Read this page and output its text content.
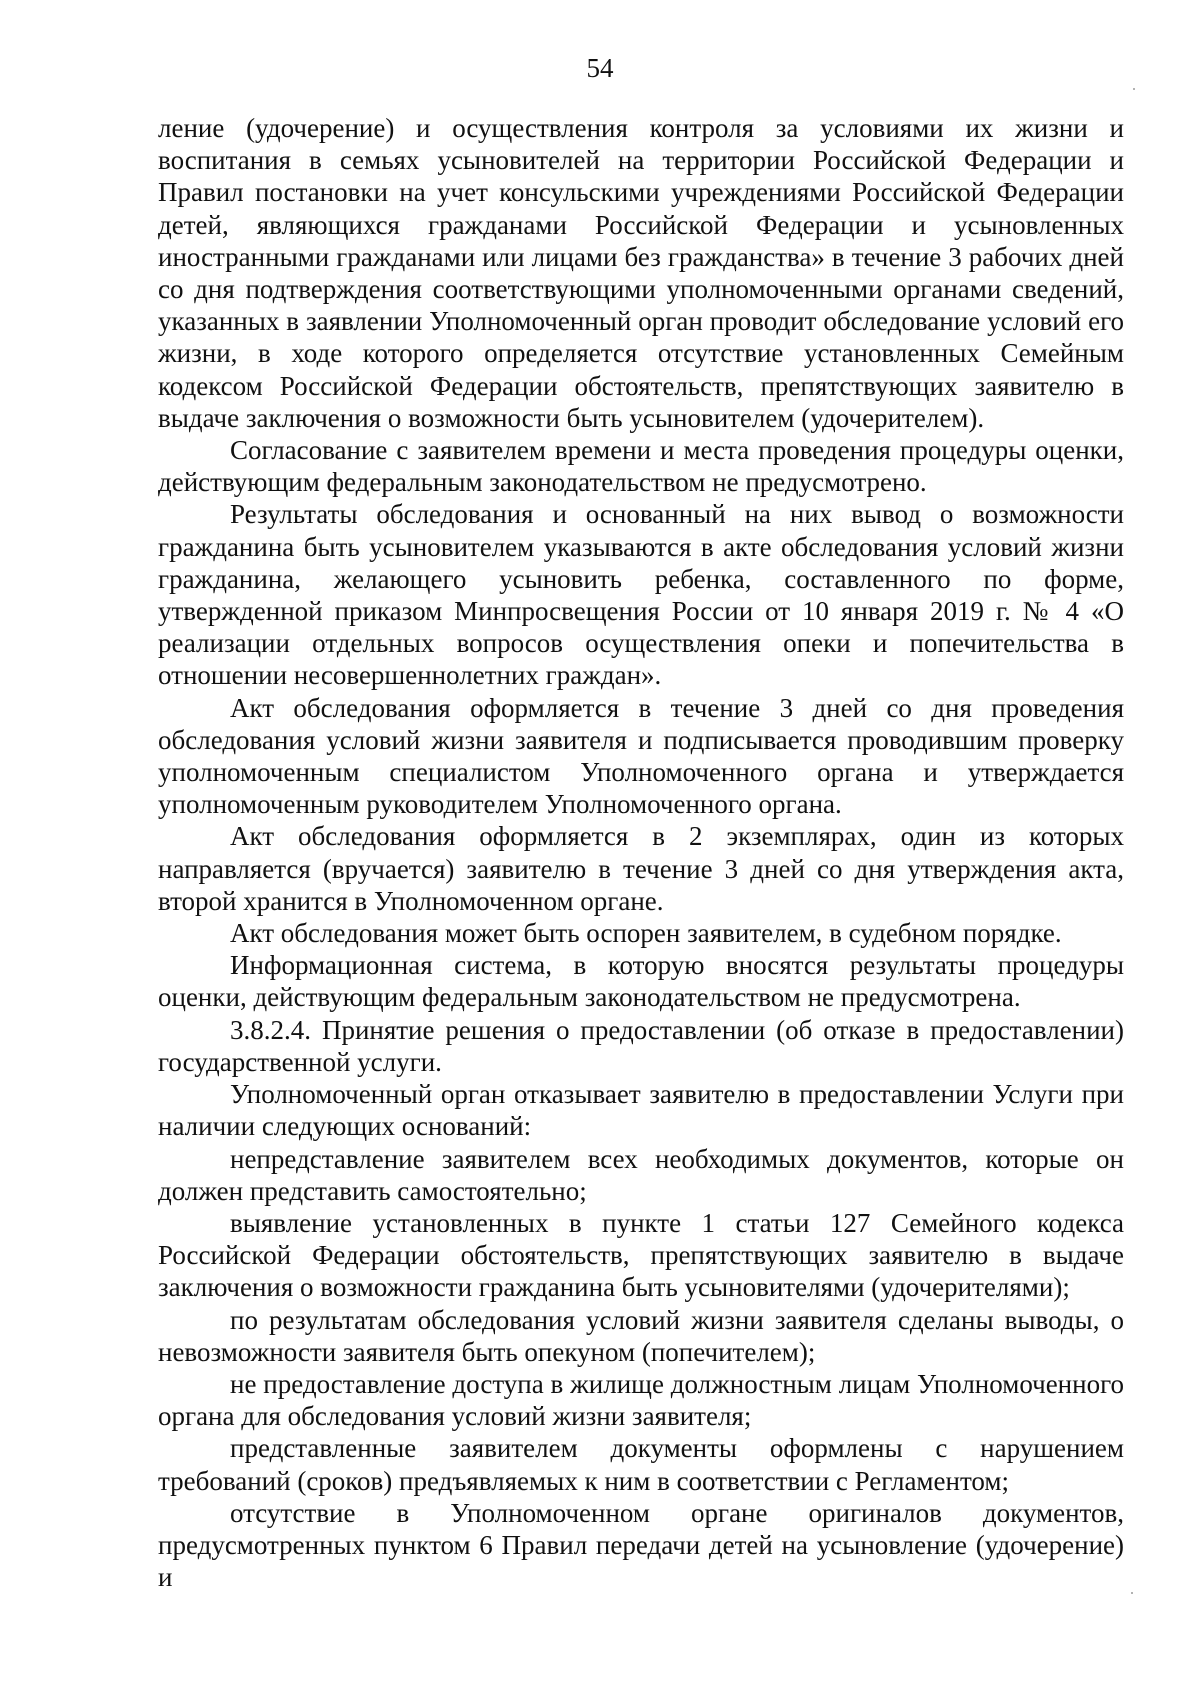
54

ление (удочерение) и осуществления контроля за условиями их жизни и воспитания в семьях усыновителей на территории Российской Федерации и Правил постановки на учет консульскими учреждениями Российской Федерации детей, являющихся гражданами Российской Федерации и усыновленных иностранными гражданами или лицами без гражданства» в течение 3 рабочих дней со дня подтверждения соответствующими уполномоченными органами сведений, указанных в заявлении Уполномоченный орган проводит обследование условий его жизни, в ходе которого определяется отсутствие установленных Семейным кодексом Российской Федерации обстоятельств, препятствующих заявителю в выдаче заключения о возможности быть усыновителем (удочерителем).

Согласование с заявителем времени и места проведения процедуры оценки, действующим федеральным законодательством не предусмотрено.

Результаты обследования и основанный на них вывод о возможности гражданина быть усыновителем указываются в акте обследования условий жизни гражданина, желающего усыновить ребенка, составленного по форме, утвержденной приказом Минпросвещения России от 10 января 2019 г. № 4 «О реализации отдельных вопросов осуществления опеки и попечительства в отношении несовершеннолетних граждан».

Акт обследования оформляется в течение 3 дней со дня проведения обследования условий жизни заявителя и подписывается проводившим проверку уполномоченным специалистом Уполномоченного органа и утверждается уполномоченным руководителем Уполномоченного органа.

Акт обследования оформляется в 2 экземплярах, один из которых направляется (вручается) заявителю в течение 3 дней со дня утверждения акта, второй хранится в Уполномоченном органе.

Акт обследования может быть оспорен заявителем, в судебном порядке.

Информационная система, в которую вносятся результаты процедуры оценки, действующим федеральным законодательством не предусмотрена.

3.8.2.4. Принятие решения о предоставлении (об отказе в предоставлении) государственной услуги.

Уполномоченный орган отказывает заявителю в предоставлении Услуги при наличии следующих оснований:

непредставление заявителем всех необходимых документов, которые он должен представить самостоятельно;

выявление установленных в пункте 1 статьи 127 Семейного кодекса Российской Федерации обстоятельств, препятствующих заявителю в выдаче заключения о возможности гражданина быть усыновителями (удочерителями);

по результатам обследования условий жизни заявителя сделаны выводы, о невозможности заявителя быть опекуном (попечителем);

не предоставление доступа в жилище должностным лицам Уполномоченного органа для обследования условий жизни заявителя;

представленные заявителем документы оформлены с нарушением требований (сроков) предъявляемых к ним в соответствии с Регламентом;

отсутствие в Уполномоченном органе оригиналов документов, предусмотренных пунктом 6 Правил передачи детей на усыновление (удочерение) и
